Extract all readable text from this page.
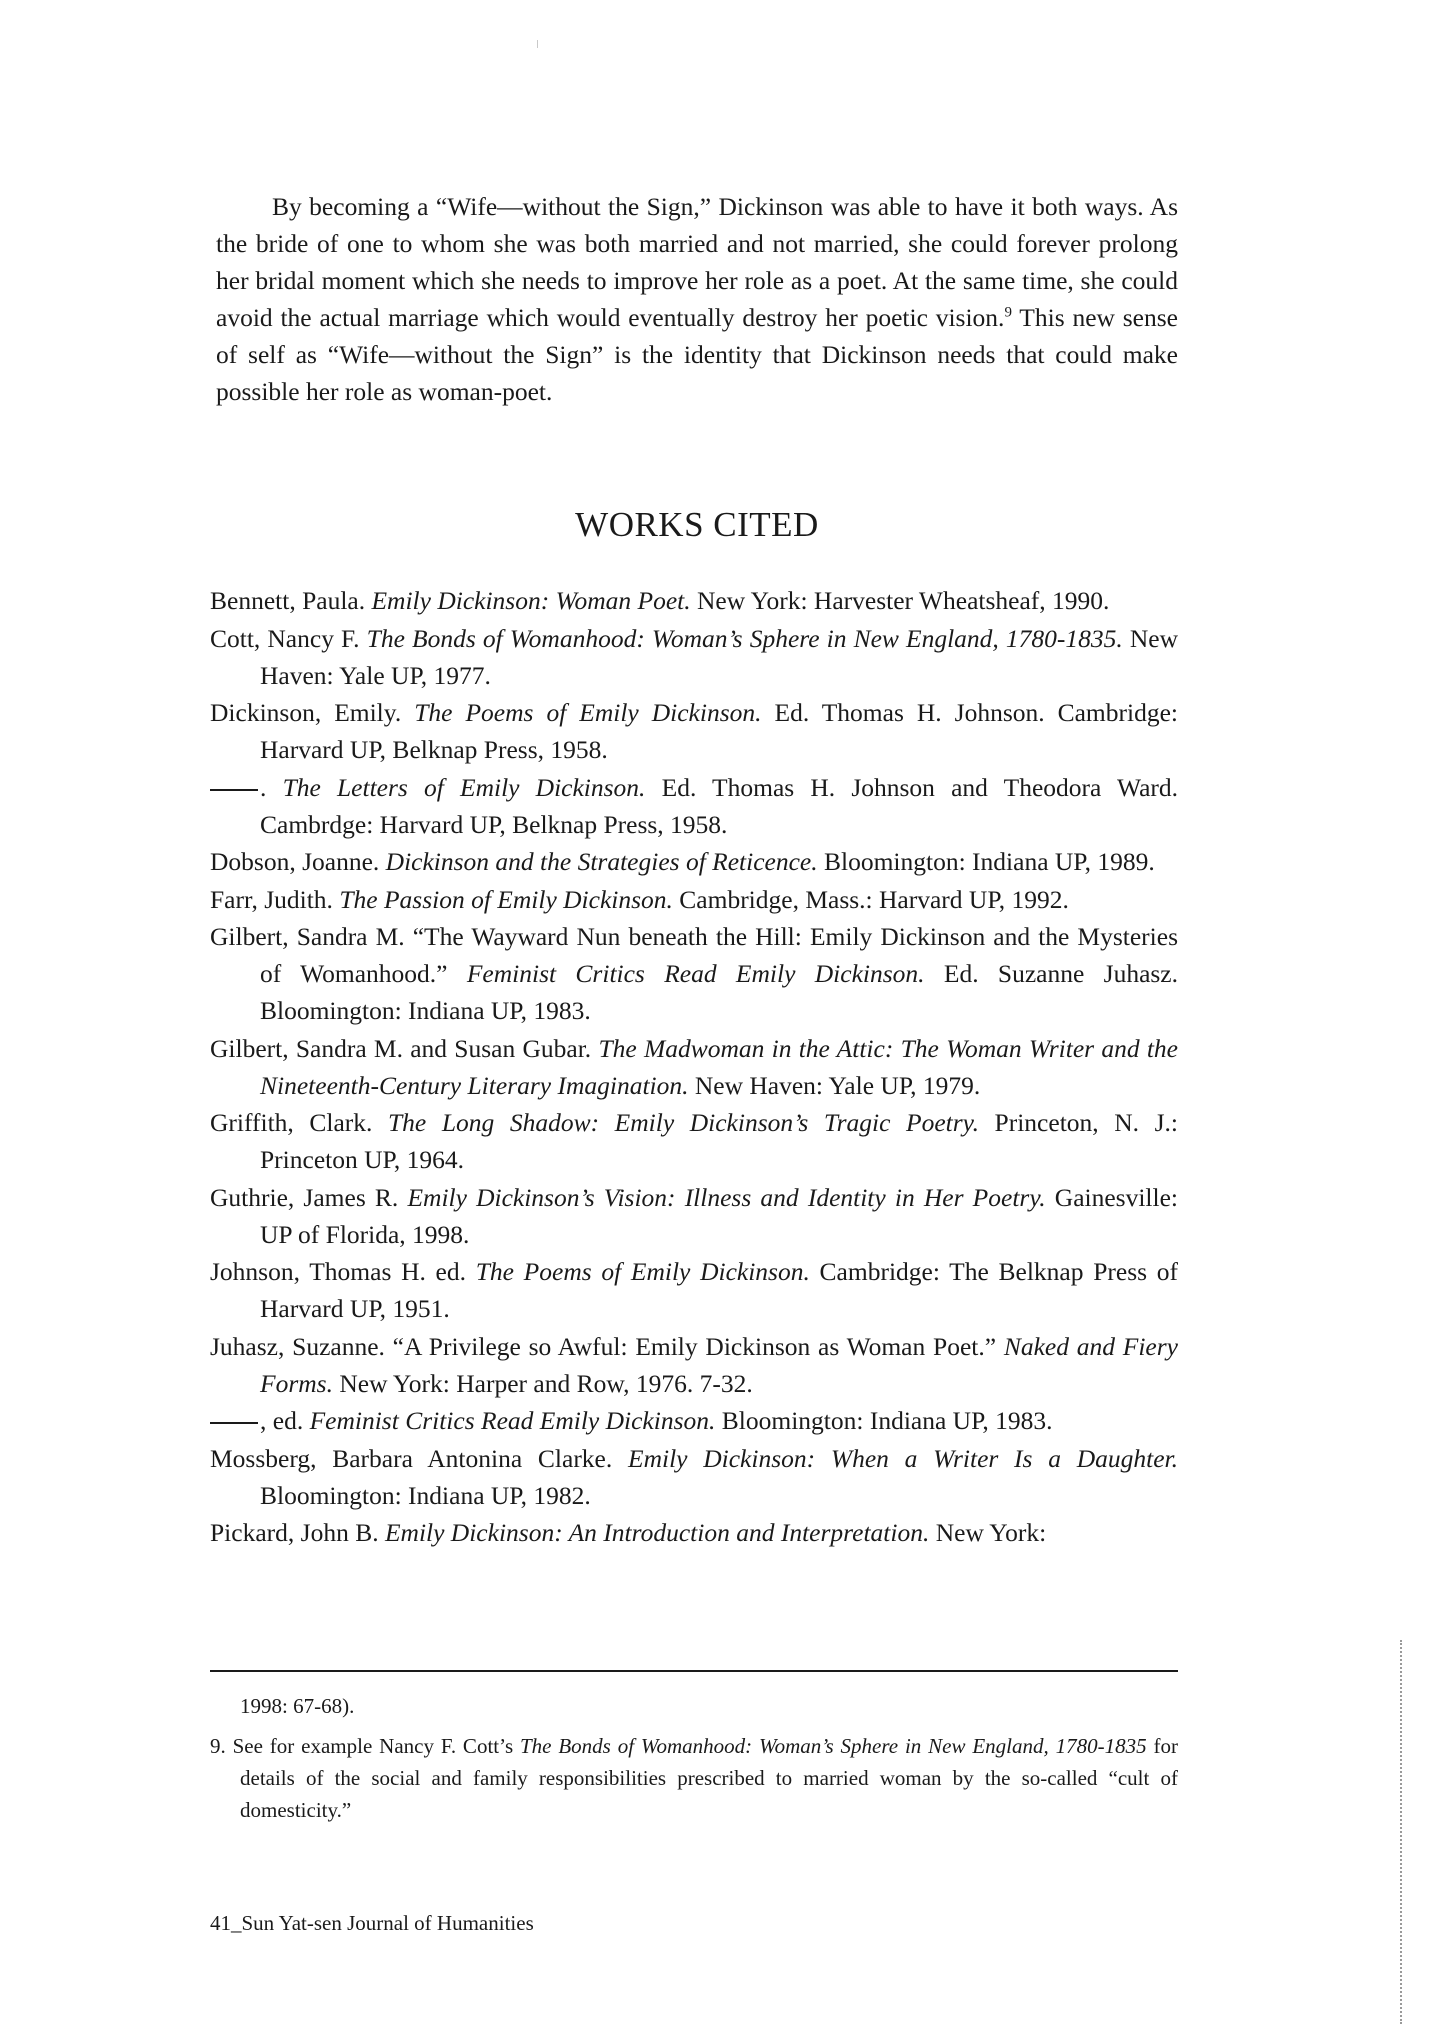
By becoming a “Wife—without the Sign,” Dickinson was able to have it both ways. As the bride of one to whom she was both married and not married, she could forever prolong her bridal moment which she needs to improve her role as a poet. At the same time, she could avoid the actual marriage which would eventually destroy her poetic vision.$^9$ This new sense of self as “Wife—without the Sign” is the identity that Dickinson needs that could make possible her role as woman-poet.

WORKS CITED
Bennett, Paula. Emily Dickinson: Woman Poet. New York: Harvester Wheatsheaf, 1990.
Cott, Nancy F. The Bonds of Womanhood: Woman’s Sphere in New England, 1780-1835. New Haven: Yale UP, 1977.
Dickinson, Emily. The Poems of Emily Dickinson. Ed. Thomas H. Johnson. Cambridge: Harvard UP, Belknap Press, 1958.
. The Letters of Emily Dickinson. Ed. Thomas H. Johnson and Theodora Ward. Cambrdge: Harvard UP, Belknap Press, 1958.
Dobson, Joanne. Dickinson and the Strategies of Reticence. Bloomington: Indiana UP, 1989.
Farr, Judith. The Passion of Emily Dickinson. Cambridge, Mass.: Harvard UP, 1992.
Gilbert, Sandra M. “The Wayward Nun beneath the Hill: Emily Dickinson and the Mysteries of Womanhood.” Feminist Critics Read Emily Dickinson. Ed. Suzanne Juhasz. Bloomington: Indiana UP, 1983.
Gilbert, Sandra M. and Susan Gubar. The Madwoman in the Attic: The Woman Writer and the Nineteenth-Century Literary Imagination. New Haven: Yale UP, 1979.
Griffith, Clark. The Long Shadow: Emily Dickinson’s Tragic Poetry. Princeton, N. J.: Princeton UP, 1964.
Guthrie, James R. Emily Dickinson’s Vision: Illness and Identity in Her Poetry. Gainesville: UP of Florida, 1998.
Johnson, Thomas H. ed. The Poems of Emily Dickinson. Cambridge: The Belknap Press of Harvard UP, 1951.
Juhasz, Suzanne. “A Privilege so Awful: Emily Dickinson as Woman Poet.” Naked and Fiery Forms. New York: Harper and Row, 1976. 7-32.
, ed. Feminist Critics Read Emily Dickinson. Bloomington: Indiana UP, 1983.
Mossberg, Barbara Antonina Clarke. Emily Dickinson: When a Writer Is a Daughter. Bloomington: Indiana UP, 1982.
Pickard, John B. Emily Dickinson: An Introduction and Interpretation. New York:

1998: 67-68).

9. See for example Nancy F. Cott’s The Bonds of Womanhood: Woman’s Sphere in New England, 1780-1835 for details of the social and family responsibilities prescribed to married woman by the so-called “cult of domesticity.”

41_Sun Yat-sen Journal of Humanities
